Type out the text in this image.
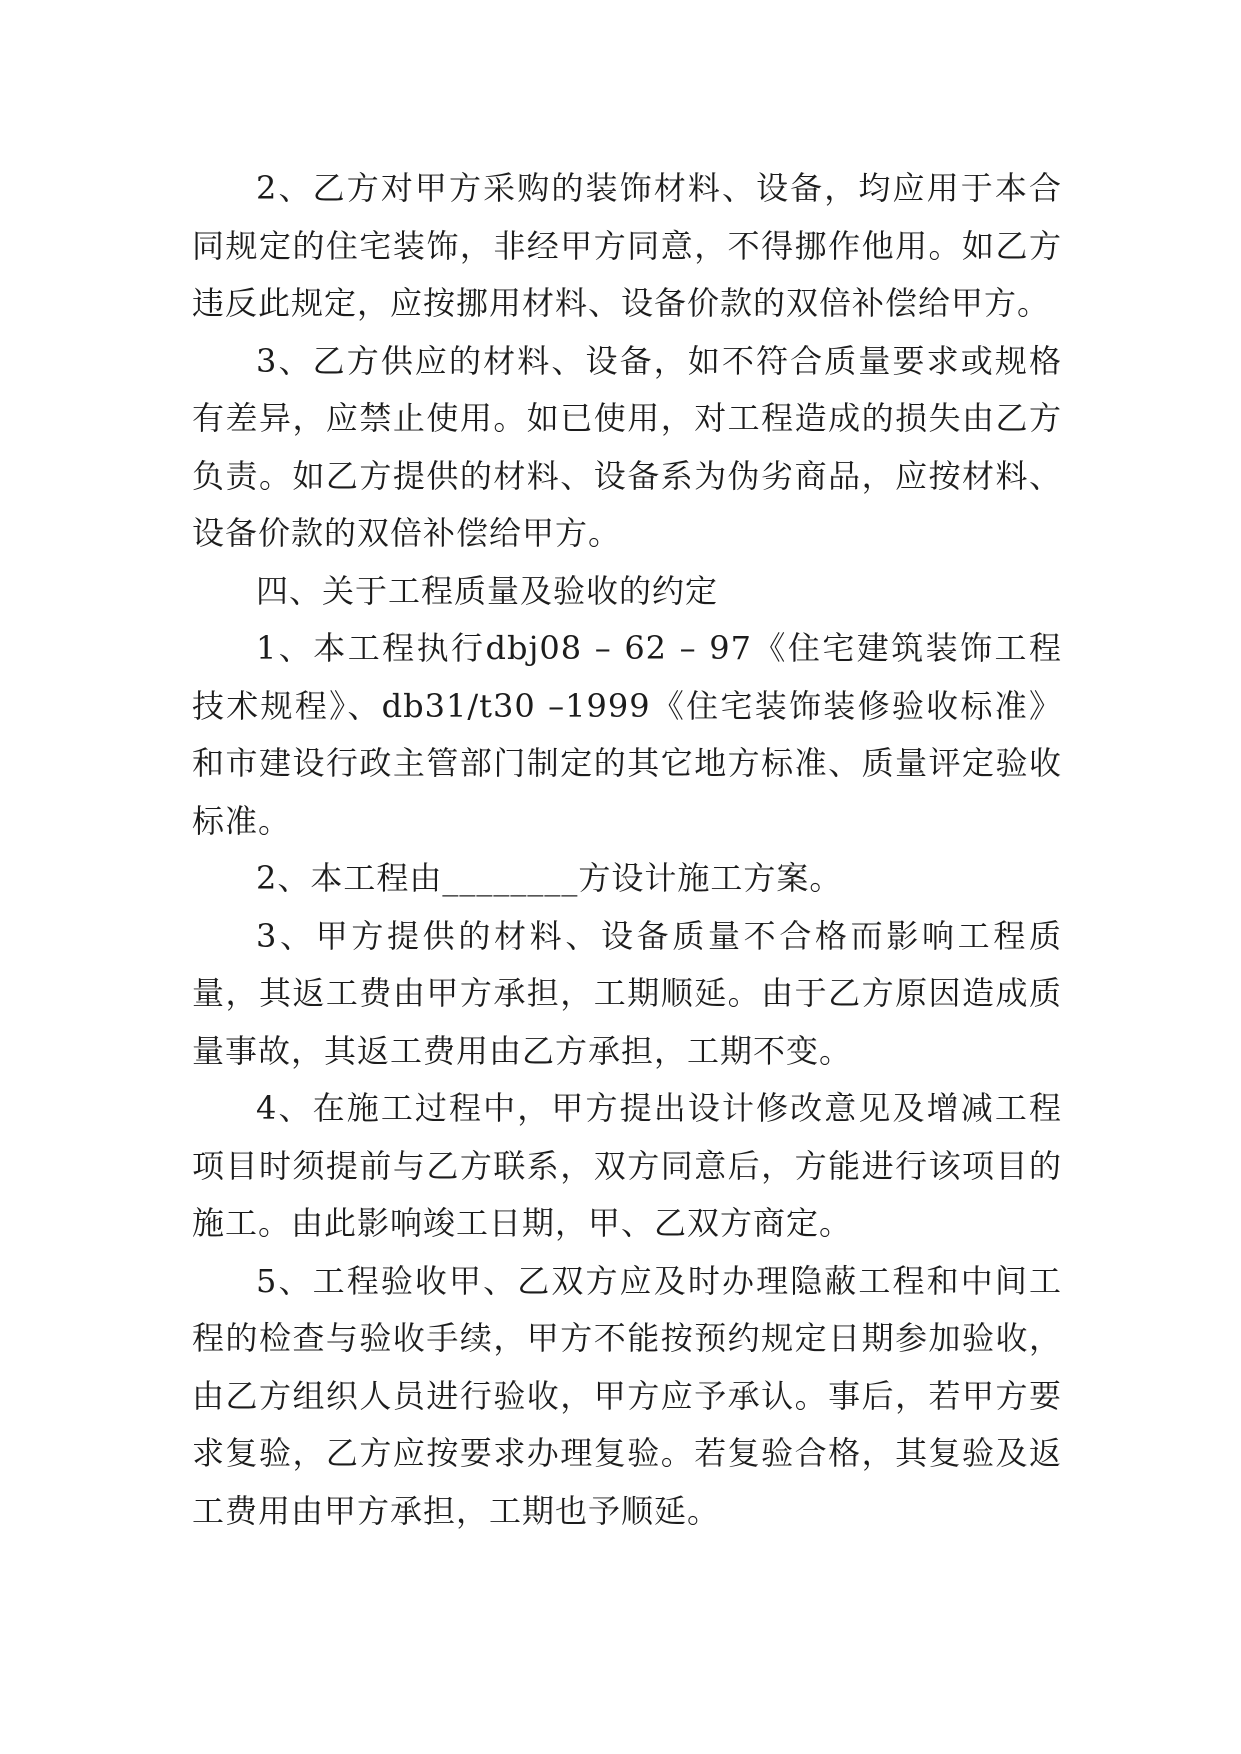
2、乙方对甲方采购的装饰材料、设备，均应用于本合同规定的住宅装饰，非经甲方同意，不得挪作他用。如乙方违反此规定，应按挪用材料、设备价款的双倍补偿给甲方。

3、乙方供应的材料、设备，如不符合质量要求或规格有差异，应禁止使用。如已使用，对工程造成的损失由乙方负责。如乙方提供的材料、设备系为伪劣商品，应按材料、设备价款的双倍补偿给甲方。

四、关于工程质量及验收的约定

1、本工程执行dbj08 – 62 – 97《住宅建筑装饰工程技术规程》、db31/t30 –1999《住宅装饰装修验收标准》和市建设行政主管部门制定的其它地方标准、质量评定验收标准。

2、本工程由________方设计施工方案。

3、甲方提供的材料、设备质量不合格而影响工程质量，其返工费由甲方承担，工期顺延。由于乙方原因造成质量事故，其返工费用由乙方承担，工期不变。

4、在施工过程中，甲方提出设计修改意见及增减工程项目时须提前与乙方联系，双方同意后，方能进行该项目的施工。由此影响竣工日期，甲、乙双方商定。

5、工程验收甲、乙双方应及时办理隐蔽工程和中间工程的检查与验收手续，甲方不能按预约规定日期参加验收，由乙方组织人员进行验收，甲方应予承认。事后，若甲方要求复验，乙方应按要求办理复验。若复验合格，其复验及返工费用由甲方承担，工期也予顺延。
